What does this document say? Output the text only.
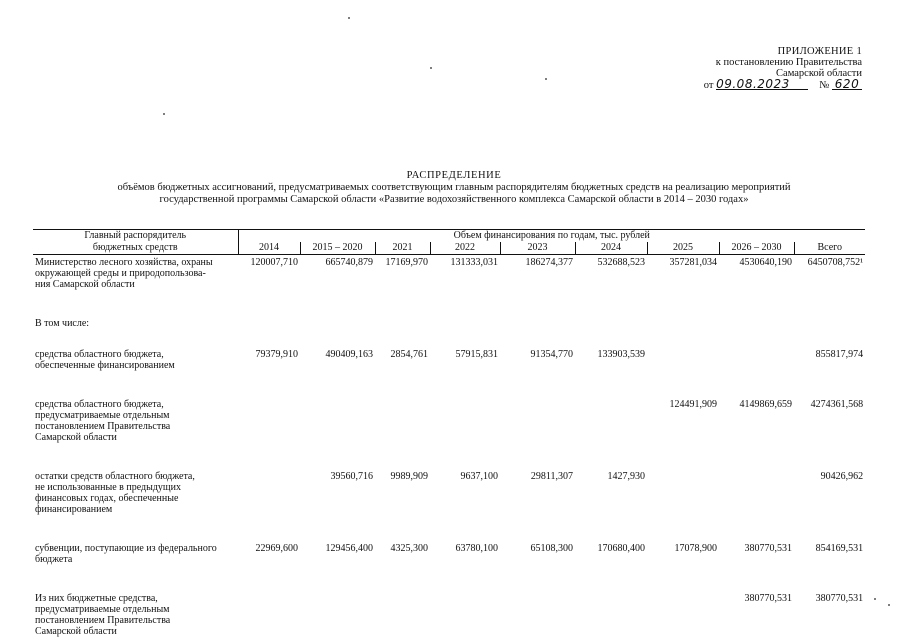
ПРИЛОЖЕНИЕ 1
к постановлению Правительства
Самарской области
от 09.08.2023	№ 620
РАСПРЕДЕЛЕНИЕ
объёмов бюджетных ассигнований, предусматриваемых соответствующим главным распорядителям бюджетных средств на реализацию мероприятий
государственной программы Самарской области «Развитие водохозяйственного комплекса Самарской области в 2014 – 2030 годах»
Главный распорядитель	Объем финансирования по годам, тыс. рублей								
бюджетных средств	2014	2015 – 2020	2021	2022	2023	2024	2025	2026 – 2030	Всего

Министерство лесного хозяйства, охраны
окружающей среды и природопользова-
ния Самарской области	120007,710	665740,879	17169,970	131333,031	186274,377	532688,523	357281,034	4530640,190	6450708,752¹

В том числе:									

средства областного бюджета,
обеспеченные финансированием	79379,910	490409,163	2854,761	57915,831	91354,770	133903,539			855817,974

средства областного бюджета,
предусматриваемые отдельным
постановлением Правительства
Самарской области							124491,909	4149869,659	4274361,568

остатки средств областного бюджета,
не использованные в предыдущих
финансовых годах, обеспеченные
финансированием		39560,716	9989,909	9637,100	29811,307	1427,930			90426,962

субвенции, поступающие из федерального
бюджета	22969,600	129456,400	4325,300	63780,100	65108,300	170680,400	17078,900	380770,531	854169,531

Из них бюджетные средства,
предусматриваемые отдельным
постановлением Правительства
Самарской области								380770,531	380770,531
